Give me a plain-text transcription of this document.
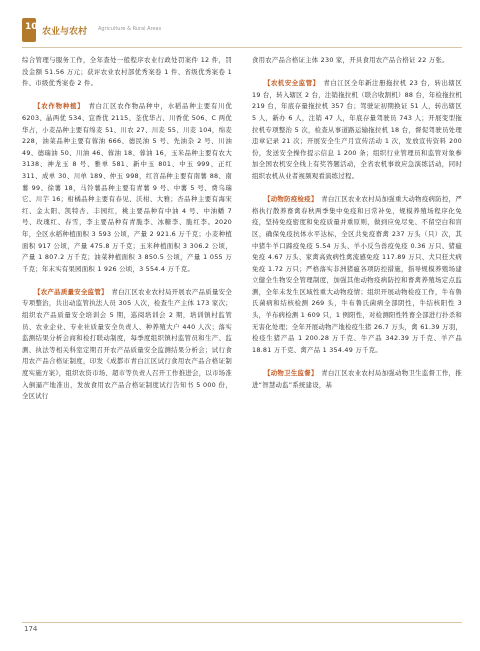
10 农业与农村 Agriculture & Rural Areas

综合管理与服务工作，全年查处一般程序农业行政处罚案件 12 件，罚没金额 51.56 万元；获评农业农村部优秀案卷 1 件、省级优秀案卷 1 件、市级优秀案卷 2 件。

【农作物种植】　 青白江区农作物品种中，水稻品种主要有川优 6203、晶两优 534、宜香优 2115、荃优华占、川香优 506、C 两优华占，小麦品种主要有绵麦 51、川农 27、川麦 55、川麦 104，绵麦 228，油菜品种主要有蓉油 666、德民油 5 号、先油杂 2 号、川油 49、德瑞油 50、川油 46、蓉油 18、蓉油 16，玉米品种主要有农大 3138、神龙玉 8 号、雅单 581、新中玉 801、中玉 999、正红 311、成单 30、川单 189、仲玉 998，红苕品种主要有南薯 88、南薯 99、徐薯 18，马铃薯品种主要有青薯 9 号、中薯 5 号、费乌瑞它、川芋 16；柑橘品种主要有春见、沃柑、大雅；杏品种主要有海宋红、金太阳、凯特杏、丰园红，桃主要品种有中油 4 号、中油蟠 7 号、玫瑰红、春雪，李主要品种有青脆李、冰糖李、脆红李。2020 年，全区水稻种植面积 3 593 公顷，产量 2 921.6 万千克；小麦种植面积 917 公顷，产量 475.8 万千克；玉米种植面积 3 306.2 公顷，产量 1 807.2 万千克；油菜种植面积 3 850.5 公顷，产量 1 055 万千克；年末实有果园面积 1 926 公顷，3 554.4 万千克。

【农产品质量安全监管】　 青白江区农业农村局开展农产品质量安全专项整治，共出动监管执法人员 305 人次，检查生产主体 173 家次；组织农产品质量安全培训会 5 期，巡阅培训会 2 期，培训镇村监管员、农业企业、专业社质量安全负责人、种养殖大户 440 人次；落实监测结果分析会商和检打联动制度，每季度组织镇村监管员和生产、监测、执法等相关科室定期召开农产品质量安全监测结果分析会；试行食用农产品合格证制度，印发《成都市青白江区试行食用农产品合格证制度实施方案》，组织农资市场、超市等负责人召开工作推进会，以市场准入倒逼产地准出，发放食用农产品合格证制度试行告知书 5 000 份，全区试行

食用农产品合格证主体 230 家，开具食用农产品合格证 22 万张。

【农机安全监管】　 青白江区全年新注册拖拉机 23 台，转出辖区 19 台，转入辖区 2 台，注销拖拉机（联合收割机）88 台，年检拖拉机 219 台，年底存量拖拉机 357 台；驾驶证初期换证 51 人，转出辖区 5 人，新办 6 人，注销 47 人，年底存量驾驶员 743 人；开展变型拖拉机专项整治 5 次，检查从事道路运输拖拉机 18 台，督促驾驶员处理违章记录 21 次；开展安全生产月宣传活动 1 次，发放宣传资料 200 份，发送安全操作提示信息 1 200 条；组织行业管理员和监管对象参加全国农机安全线上有奖答题活动，全省农机事故应急演练活动，同时组织农机从业者视频观看演练过程。

【动物防疫检疫】　 青白江区农业农村局加强重大动物疫病防控，严格执行散养畜禽春秋两季集中免疫和日常补免，规模养殖场程序化免疫，坚持免疫密度和免疫质量并重原则，做到应免尽免、不留空白和盲区，确保免疫抗体水平达标，全区共免疫畜禽 237 万头（只）次，其中猪牛羊口蹄疫免疫 5.54 万头、羊小反刍兽疫免疫 0.36 万只、猪瘟免疫 4.67 万头、家禽高致病性禽流感免疫 117.89 万只、犬只狂犬病免疫 1.72 万只；严格落实非洲猪瘟各项防控措施，指导规模养殖场建立健全生物安全管理制度，加强其他动物疫病防控和畜禽养殖场定点监测，全年未发生区域性重大动物疫情；组织开展动物检疫工作，牛布鲁氏菌病和结核检测 269 头，牛布鲁氏菌病全部阴性，牛结核阳性 3 头，羊布病检测 1 609 只，1 例阳性，对检测阳性牲畜全部进行扑杀和无害化处理；全年开展动物产地检疫生猪 26.7 万头，禽 61.39 万羽，检疫生猪产品 1 200.28 万千克、牛产品 342.39 万千克、羊产品 18.81 万千克、禽产品 1 354.49 万千克。

【动物卫生监督】　 青白江区农业农村局加强动物卫生监督工作，推进“智慧动监”系统建设，基

174
